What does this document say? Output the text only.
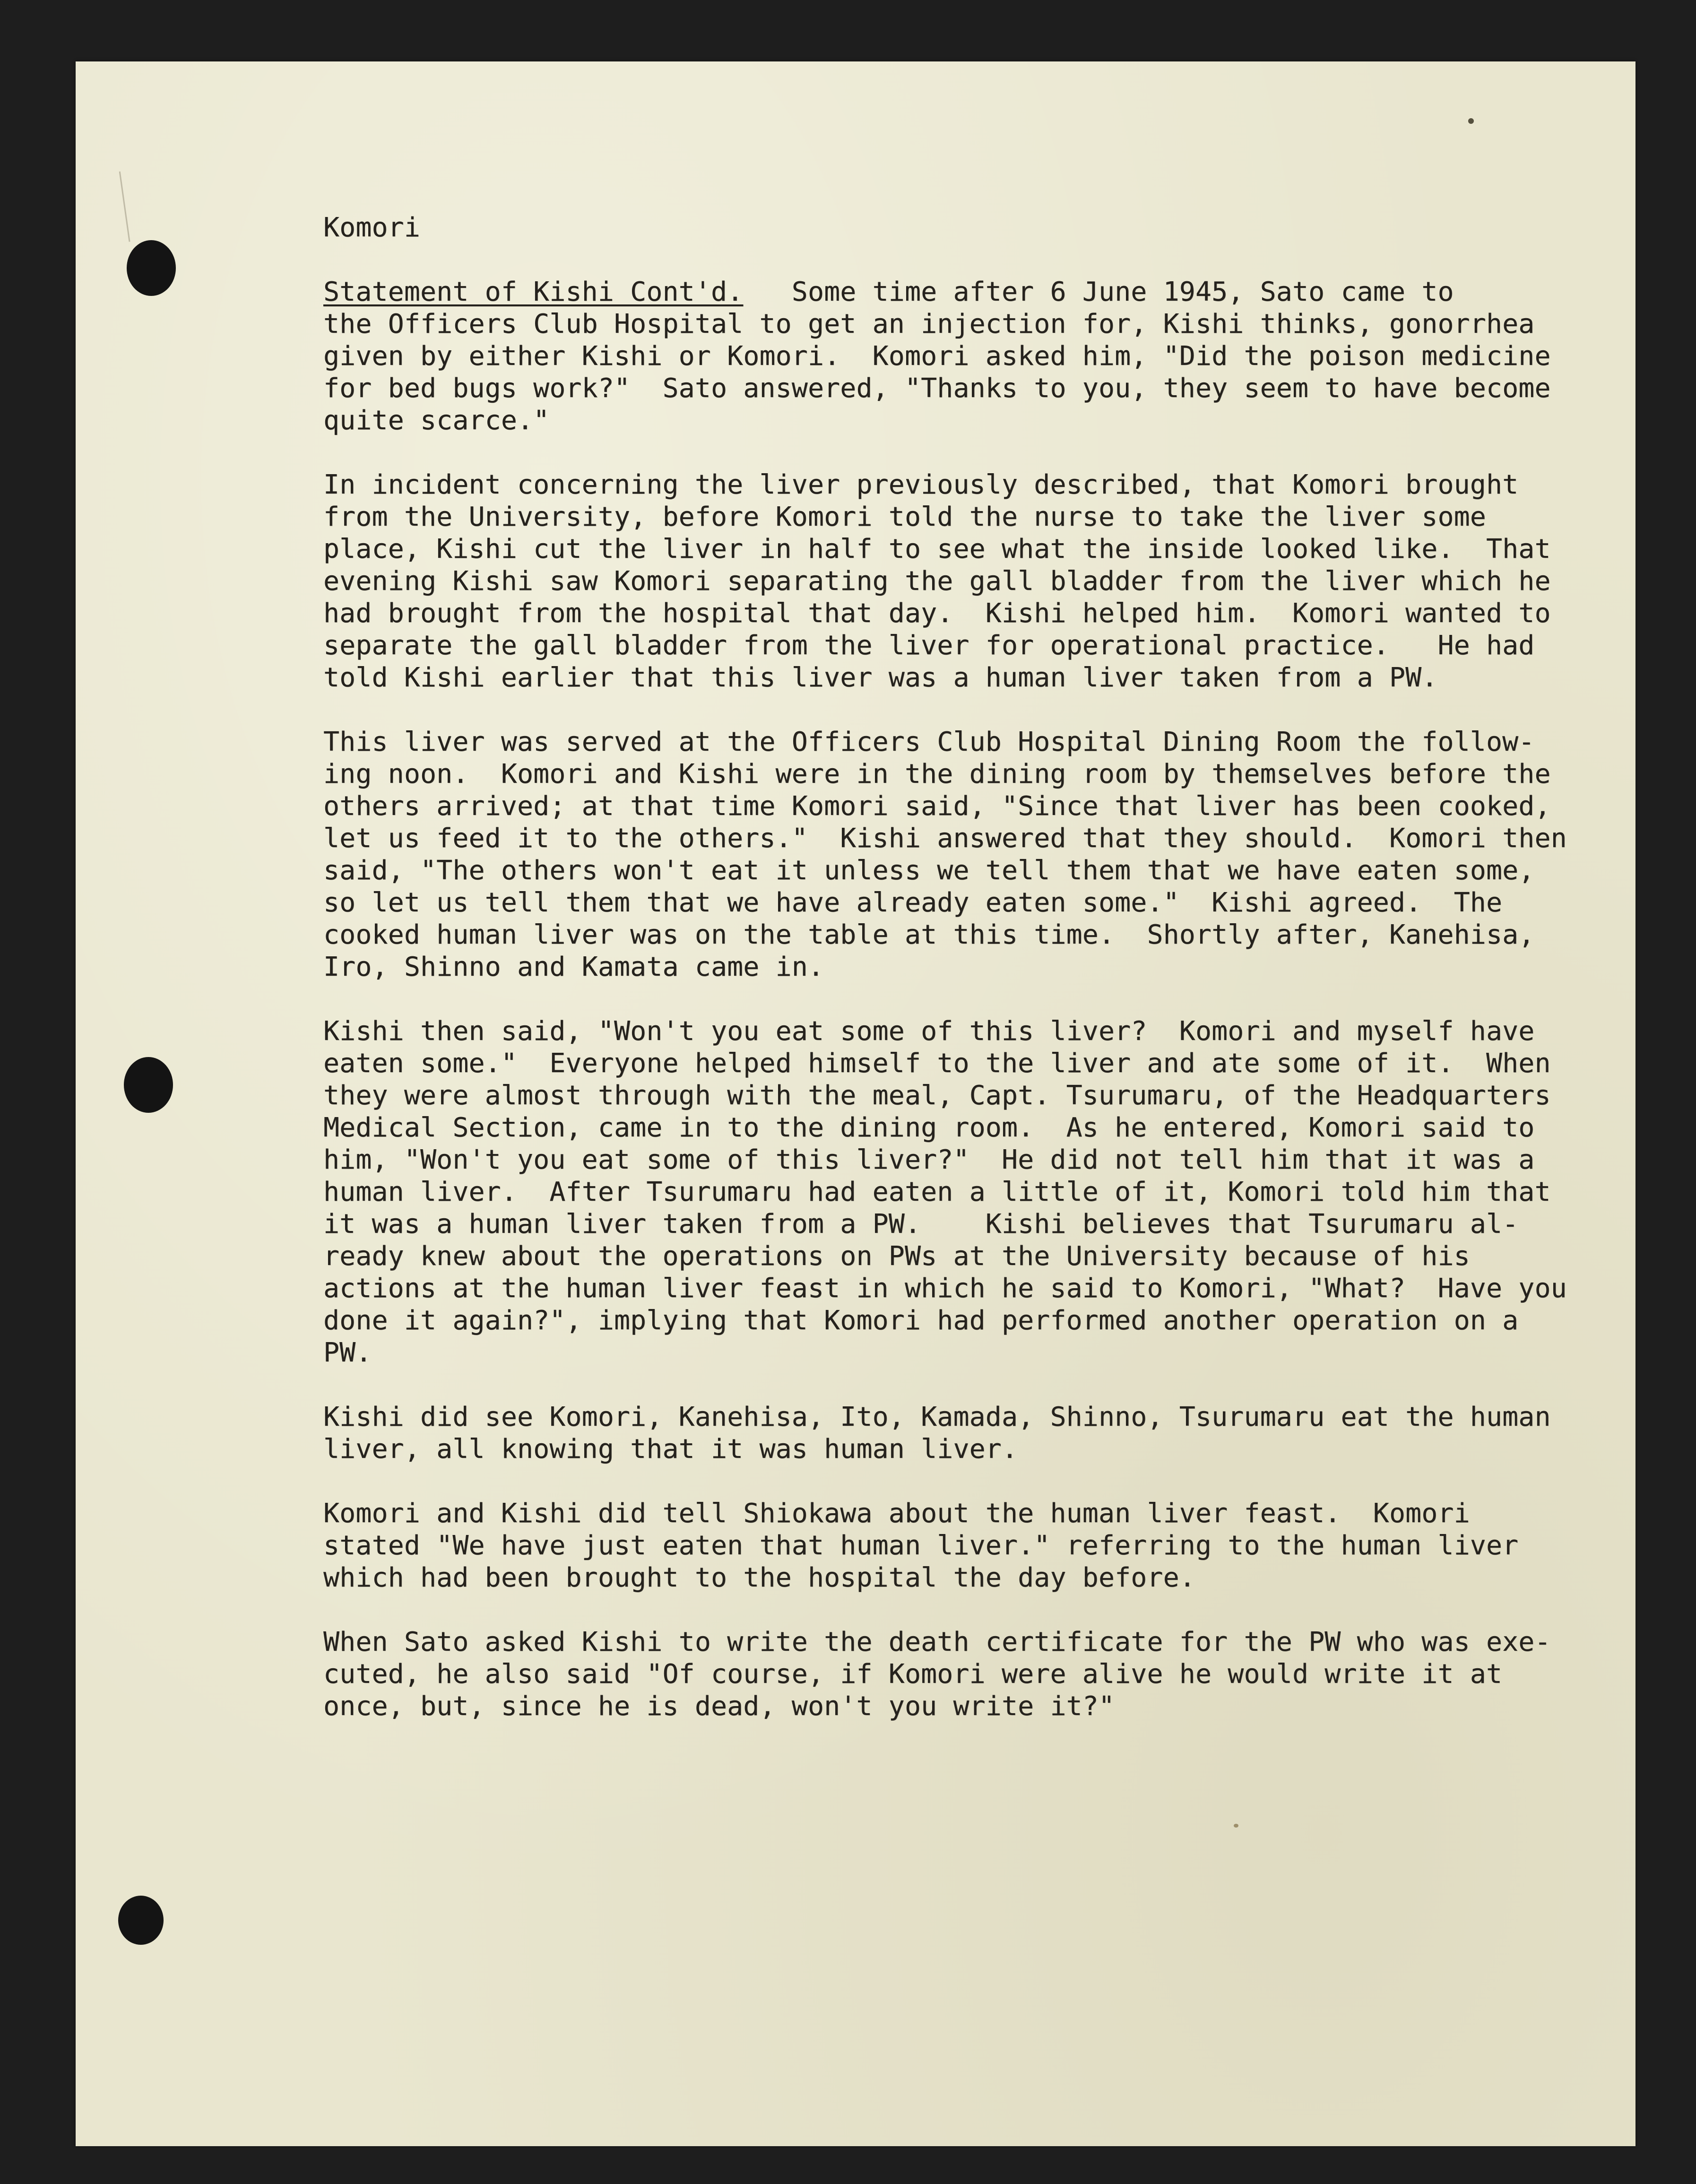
Komori
Statement of Kishi Cont'd.   Some time after 6 June 1945, Sato came to
the Officers Club Hospital to get an injection for, Kishi thinks, gonorrhea
given by either Kishi or Komori.  Komori asked him, "Did the poison medicine
for bed bugs work?"  Sato answered, "Thanks to you, they seem to have become
quite scarce."
In incident concerning the liver previously described, that Komori brought
from the University, before Komori told the nurse to take the liver some
place, Kishi cut the liver in half to see what the inside looked like.  That
evening Kishi saw Komori separating the gall bladder from the liver which he
had brought from the hospital that day.  Kishi helped him.  Komori wanted to
separate the gall bladder from the liver for operational practice.   He had
told Kishi earlier that this liver was a human liver taken from a PW.
This liver was served at the Officers Club Hospital Dining Room the follow-
ing noon.  Komori and Kishi were in the dining room by themselves before the
others arrived; at that time Komori said, "Since that liver has been cooked,
let us feed it to the others."  Kishi answered that they should.  Komori then
said, "The others won't eat it unless we tell them that we have eaten some,
so let us tell them that we have already eaten some."  Kishi agreed.  The
cooked human liver was on the table at this time.  Shortly after, Kanehisa,
Iro, Shinno and Kamata came in.
Kishi then said, "Won't you eat some of this liver?  Komori and myself have
eaten some."  Everyone helped himself to the liver and ate some of it.  When
they were almost through with the meal, Capt. Tsurumaru, of the Headquarters
Medical Section, came in to the dining room.  As he entered, Komori said to
him, "Won't you eat some of this liver?"  He did not tell him that it was a
human liver.  After Tsurumaru had eaten a little of it, Komori told him that
it was a human liver taken from a PW.    Kishi believes that Tsurumaru al-
ready knew about the operations on PWs at the University because of his
actions at the human liver feast in which he said to Komori, "What?  Have you
done it again?", implying that Komori had performed another operation on a
PW.
Kishi did see Komori, Kanehisa, Ito, Kamada, Shinno, Tsurumaru eat the human
liver, all knowing that it was human liver.
Komori and Kishi did tell Shiokawa about the human liver feast.  Komori
stated "We have just eaten that human liver." referring to the human liver
which had been brought to the hospital the day before.
When Sato asked Kishi to write the death certificate for the PW who was exe-
cuted, he also said "Of course, if Komori were alive he would write it at
once, but, since he is dead, won't you write it?"
